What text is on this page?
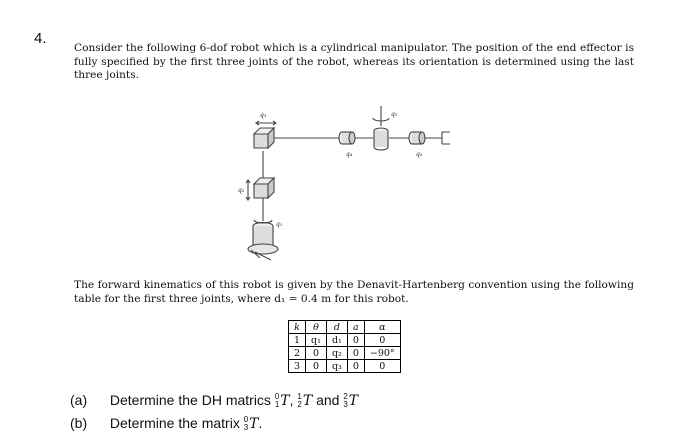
4.
Consider the following 6-dof robot which is a cylindrical manipulator. The position of the end effector is fully specified by the first three joints of the robot, whereas its orientation is determined using the last three joints.
q₃
q₂
q₁
q₄
q₅
q₆
The forward kinematics of this robot is given by the Denavit-Hartenberg convention using the following table for the first three joints, where d₁ = 0.4 m for this robot.
k	θ	d	a	α
1	q₁	d₁	0	0
2	0	q₂	0	−90°
3	0	q₃	0	0
(a) Determine the DH matrics 0
1 T, 1
2 T and 2
3 T
(b) Determine the matrix 0
3 T.
